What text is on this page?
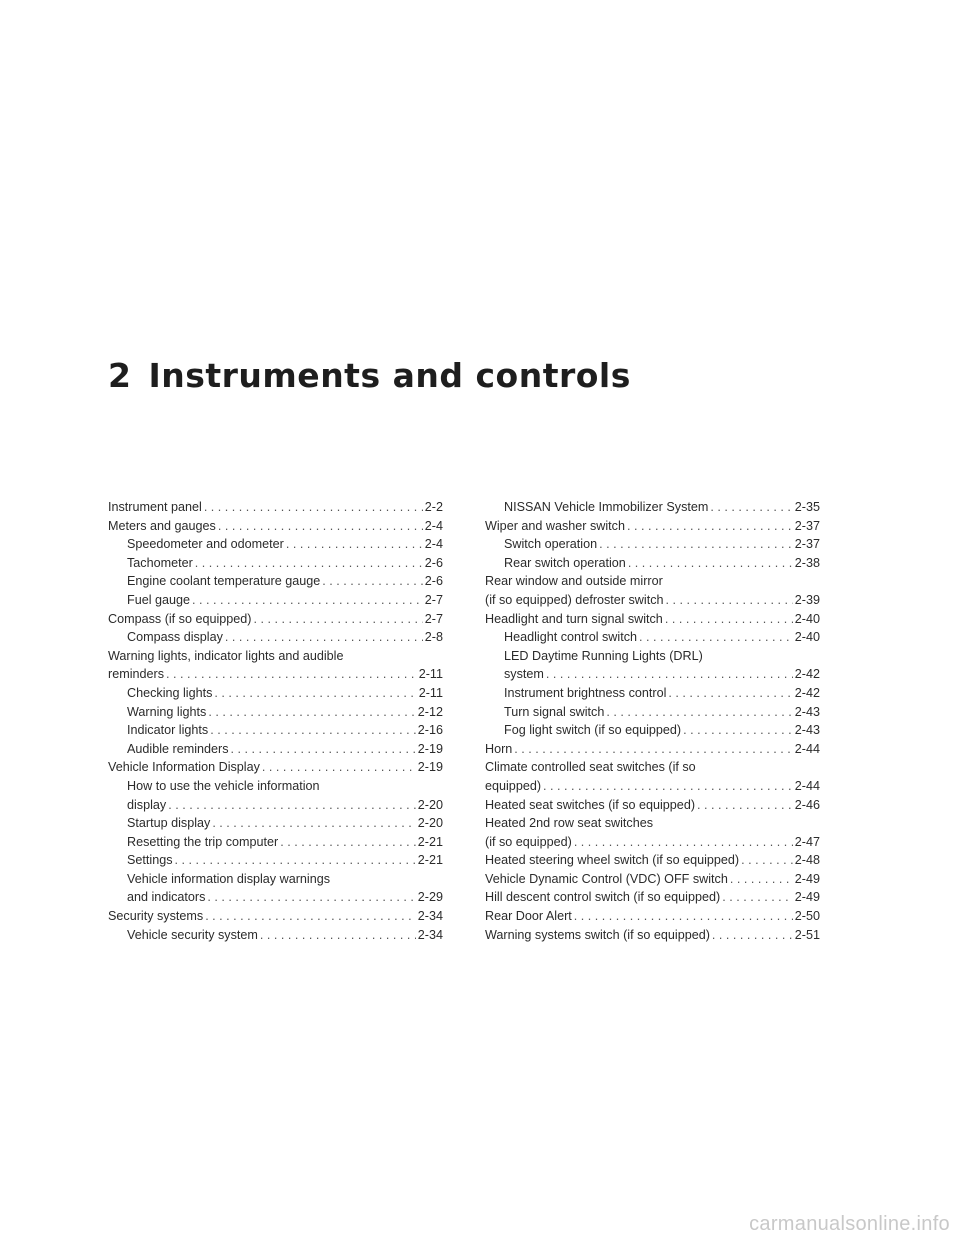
2 Instruments and controls
Instrument panel . . .	2-2
Meters and gauges . . .	2-4
Speedometer and odometer . . .	2-4
Tachometer . . .	2-6
Engine coolant temperature gauge . . .	2-6
Fuel gauge . . .	2-7
Compass (if so equipped) . . .	2-7
Compass display . . .	2-8
Warning lights, indicator lights and audible
reminders . . .	2-11
Checking lights . . .	2-11
Warning lights . . .	2-12
Indicator lights . . .	2-16
Audible reminders . . .	2-19
Vehicle Information Display . . .	2-19
How to use the vehicle information
display . . .	2-20
Startup display . . .	2-20
Resetting the trip computer . . .	2-21
Settings . . .	2-21
Vehicle information display warnings
and indicators . . .	2-29
Security systems . . .	2-34
Vehicle security system . . .	2-34
NISSAN Vehicle Immobilizer System . . .	2-35
Wiper and washer switch . . .	2-37
Switch operation . . .	2-37
Rear switch operation . . .	2-38
Rear window and outside mirror
(if so equipped) defroster switch . . .	2-39
Headlight and turn signal switch . . .	2-40
Headlight control switch . . .	2-40
LED Daytime Running Lights (DRL)
system . . .	2-42
Instrument brightness control . . .	2-42
Turn signal switch . . .	2-43
Fog light switch (if so equipped) . . .	2-43
Horn . . .	2-44
Climate controlled seat switches (if so
equipped) . . .	2-44
Heated seat switches (if so equipped) . . .	2-46
Heated 2nd row seat switches
(if so equipped) . . .	2-47
Heated steering wheel switch (if so equipped) . . .	2-48
Vehicle Dynamic Control (VDC) OFF switch . . .	2-49
Hill descent control switch (if so equipped) . . .	2-49
Rear Door Alert . . .	2-50
Warning systems switch (if so equipped) . . .	2-51
carmanualsonline.info
